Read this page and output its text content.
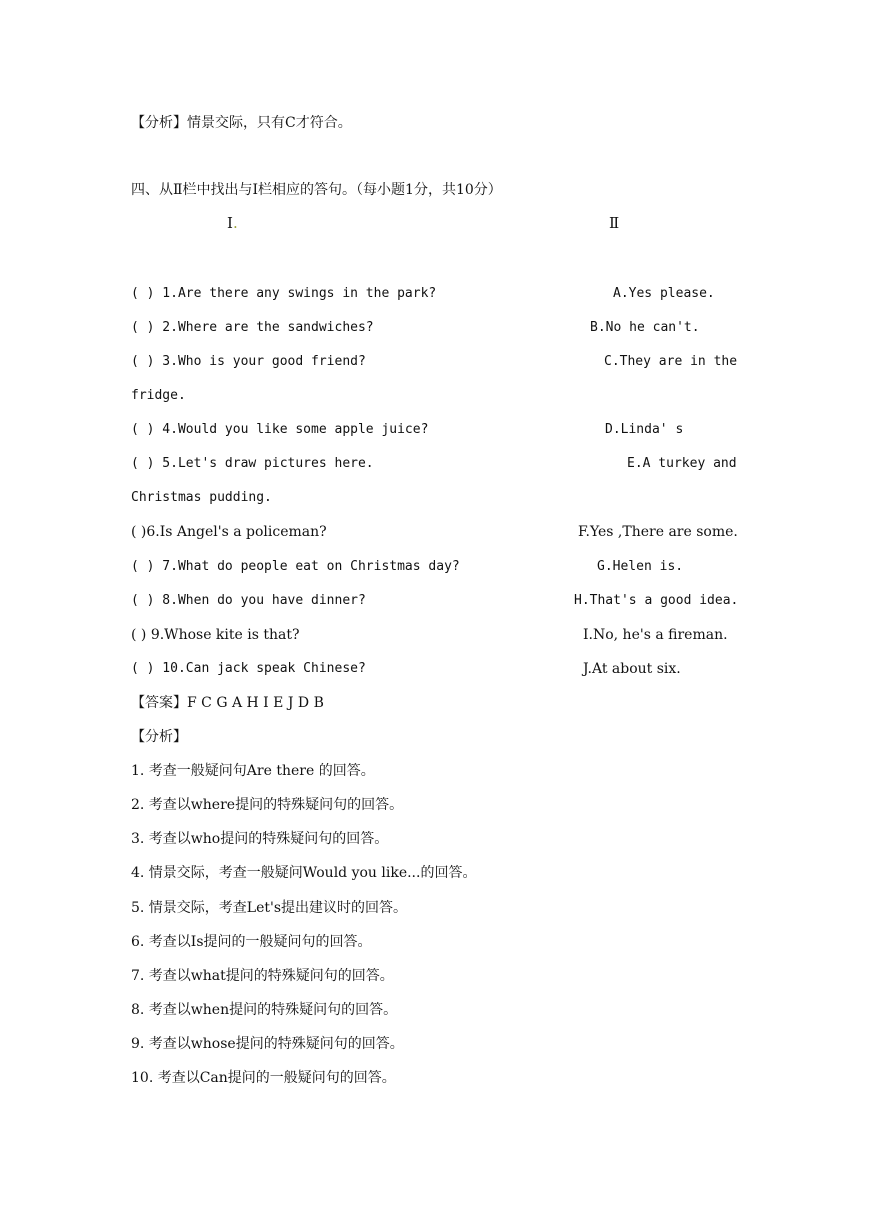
【分析】情景交际，只有C才符合。
四、从Ⅱ栏中找出与Ⅰ栏相应的答句。（每小题1分，共10分）
Ⅰ.	Ⅱ
( ) 1.Are there any swings in the park?
( ) 2.Where are the sandwiches?
( ) 3.Who is your good friend?
( ) 4.Would you like some apple juice?
( ) 5.Let's draw pictures here.
( )6.Is Angel's a policeman?
( ) 7.What do people eat on Christmas day?
( ) 8.When do you have dinner?
( ) 9.Whose kite is that?
( ) 10.Can jack speak Chinese?
A.Yes please.
B.No he can't.
C.They are in the
fridge.
D.Linda' s
E.A turkey and
Christmas pudding.
F.Yes ,There are some.
G.Helen is.
H.That's a good idea.
I.No, he's a fireman.
J.At about six.
【答案】F C G A H I E J D B
【分析】
1. 考查一般疑问句Are there 的回答。
2. 考查以where提问的特殊疑问句的回答。
3. 考查以who提问的特殊疑问句的回答。
4. 情景交际，考查一般疑问Would you like...的回答。
5. 情景交际，考查Let's提出建议时的回答。
6. 考查以Is提问的一般疑问句的回答。
7. 考查以what提问的特殊疑问句的回答。
8. 考查以when提问的特殊疑问句的回答。
9. 考查以whose提问的特殊疑问句的回答。
10. 考查以Can提问的一般疑问句的回答。
